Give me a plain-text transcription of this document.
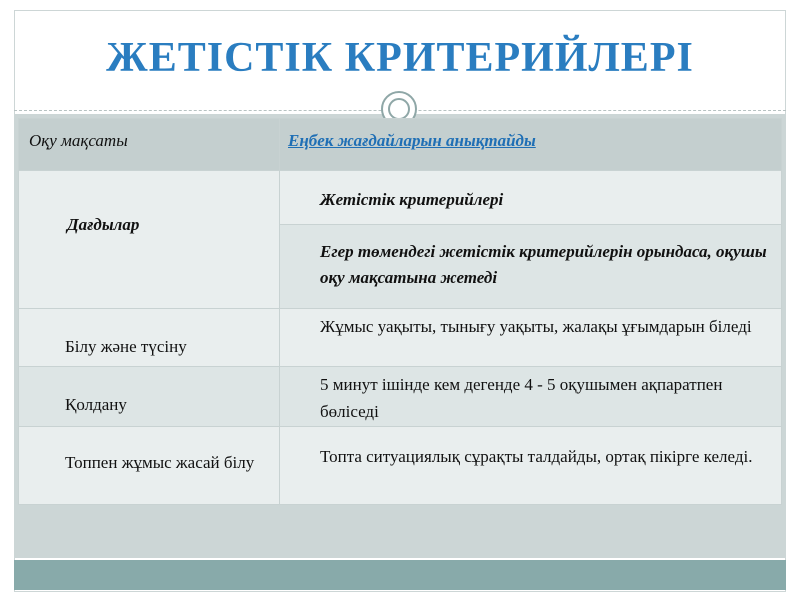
ЖЕТІСТІК КРИТЕРИЙЛЕРІ
Оқу мақсаты	Еңбек жағдайларын анықтайды

Дағдылар	Жетістік критерийлері

	Егер төмендегі жетістік критерийлерін орындаса, оқушы оқу мақсатына жетеді

Білу және түсіну	Жұмыс уақыты, тынығу уақыты, жалақы ұғымдарын біледі

Қолдану	5 минут ішінде кем дегенде 4 - 5 оқушымен ақпаратпен бөліседі

Топпен жұмыс жасай білу	Топта ситуациялық сұрақты талдайды, ортақ пікірге келеді.
